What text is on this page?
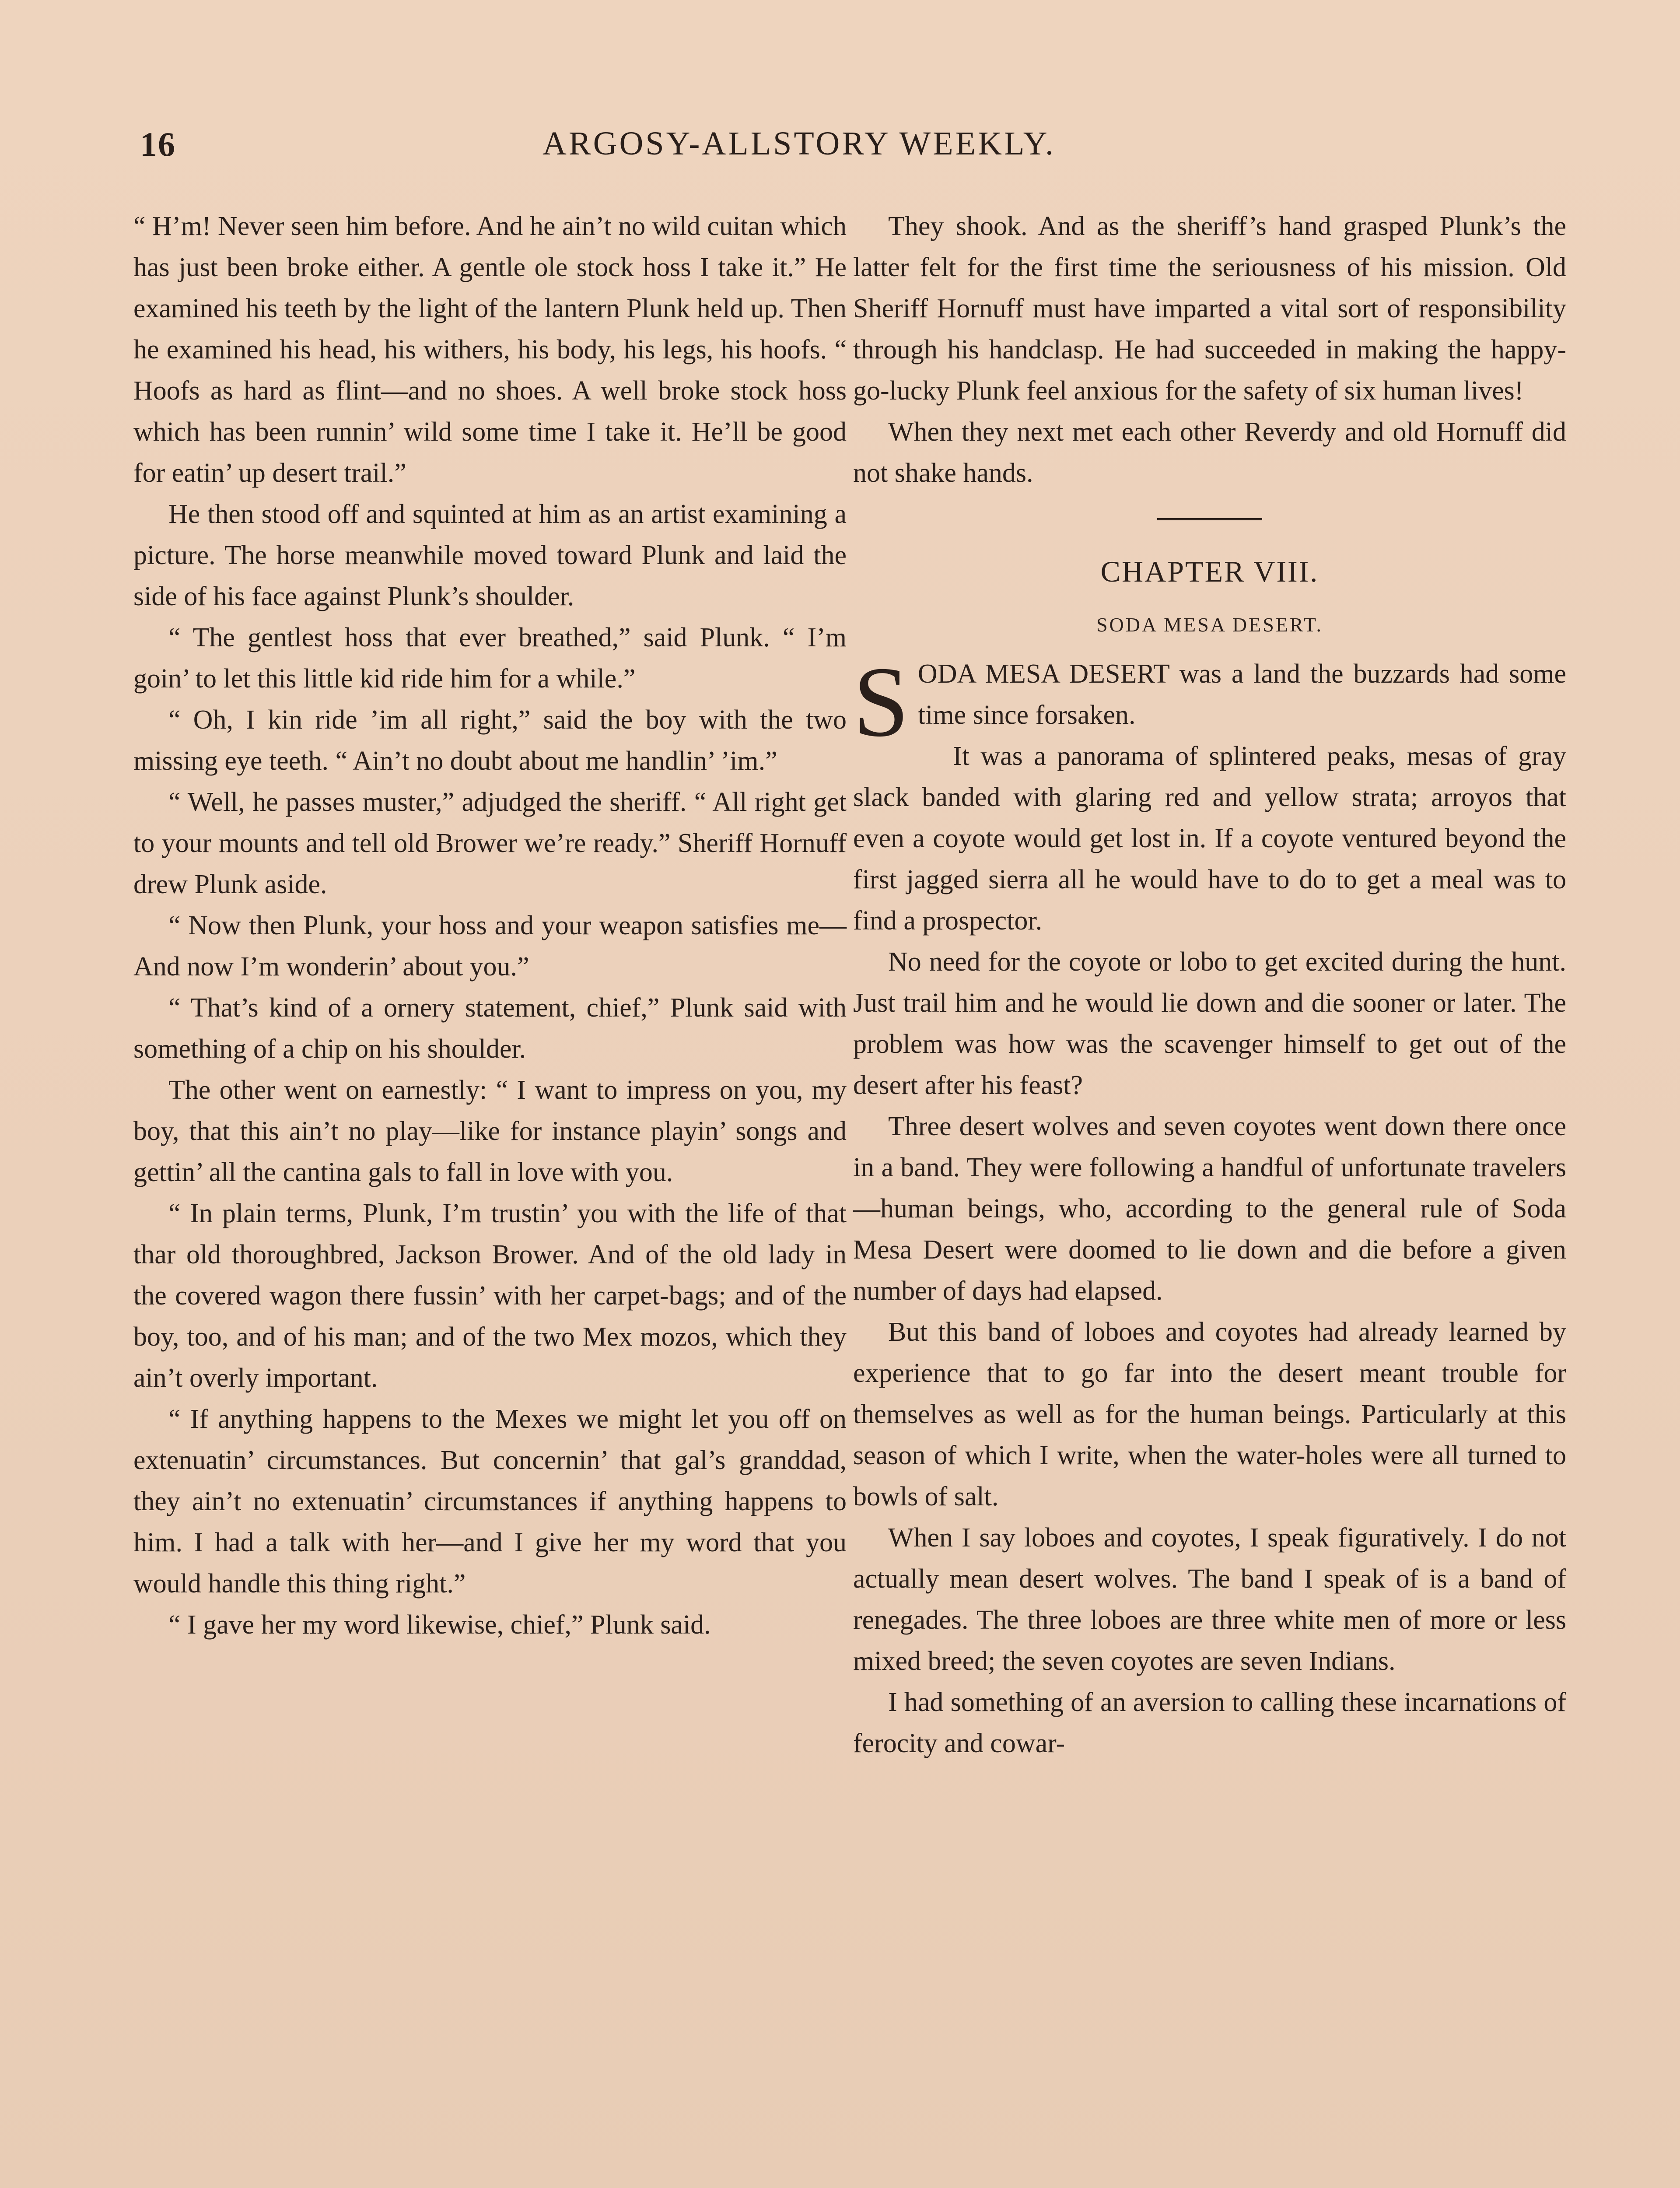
16	ARGOSY-ALLSTORY WEEKLY.

“ H’m! Never seen him before. And he ain’t no wild cuitan which has just been broke either. A gentle ole stock hoss I take it.” He examined his teeth by the light of the lantern Plunk held up. Then he examined his head, his withers, his body, his legs, his hoofs. “ Hoofs as hard as flint—and no shoes. A well broke stock hoss which has been runnin’ wild some time I take it. He’ll be good for eatin’ up desert trail.”

He then stood off and squinted at him as an artist examining a picture. The horse meanwhile moved toward Plunk and laid the side of his face against Plunk’s shoulder.

“ The gentlest hoss that ever breathed,” said Plunk. “ I’m goin’ to let this little kid ride him for a while.”

“ Oh, I kin ride ’im all right,” said the boy with the two missing eye teeth. “ Ain’t no doubt about me handlin’ ’im.”

“ Well, he passes muster,” adjudged the sheriff. “ All right get to your mounts and tell old Brower we’re ready.” Sheriff Hornuff drew Plunk aside.

“ Now then Plunk, your hoss and your weapon satisfies me—And now I’m wonderin’ about you.”

“ That’s kind of a ornery statement, chief,” Plunk said with something of a chip on his shoulder.

The other went on earnestly: “ I want to impress on you, my boy, that this ain’t no play—like for instance playin’ songs and gettin’ all the cantina gals to fall in love with you.

“ In plain terms, Plunk, I’m trustin’ you with the life of that thar old thoroughbred, Jackson Brower. And of the old lady in the covered wagon there fussin’ with her carpet-bags; and of the boy, too, and of his man; and of the two Mex mozos, which they ain’t overly important.

“ If anything happens to the Mexes we might let you off on extenuatin’ circumstances. But concernin’ that gal’s granddad, they ain’t no extenuatin’ circumstances if anything happens to him. I had a talk with her—and I give her my word that you would handle this thing right.”

“ I gave her my word likewise, chief,” Plunk said.

They shook. And as the sheriff’s hand grasped Plunk’s the latter felt for the first time the seriousness of his mission. Old Sheriff Hornuff must have imparted a vital sort of responsibility through his handclasp. He had succeeded in making the happy-go-lucky Plunk feel anxious for the safety of six human lives!

When they next met each other Reverdy and old Hornuff did not shake hands.

CHAPTER VIII.
SODA MESA DESERT.

SODA MESA DESERT was a land the buzzards had some time since forsaken.

It was a panorama of splintered peaks, mesas of gray slack banded with glaring red and yellow strata; arroyos that even a coyote would get lost in. If a coyote ventured beyond the first jagged sierra all he would have to do to get a meal was to find a prospector.

No need for the coyote or lobo to get excited during the hunt. Just trail him and he would lie down and die sooner or later. The problem was how was the scavenger himself to get out of the desert after his feast?

Three desert wolves and seven coyotes went down there once in a band. They were following a handful of unfortunate travelers—human beings, who, according to the general rule of Soda Mesa Desert were doomed to lie down and die before a given number of days had elapsed.

But this band of loboes and coyotes had already learned by experience that to go far into the desert meant trouble for themselves as well as for the human beings. Particularly at this season of which I write, when the water-holes were all turned to bowls of salt.

When I say loboes and coyotes, I speak figuratively. I do not actually mean desert wolves. The band I speak of is a band of renegades. The three loboes are three white men of more or less mixed breed; the seven coyotes are seven Indians.

I had something of an aversion to calling these incarnations of ferocity and cowar-
